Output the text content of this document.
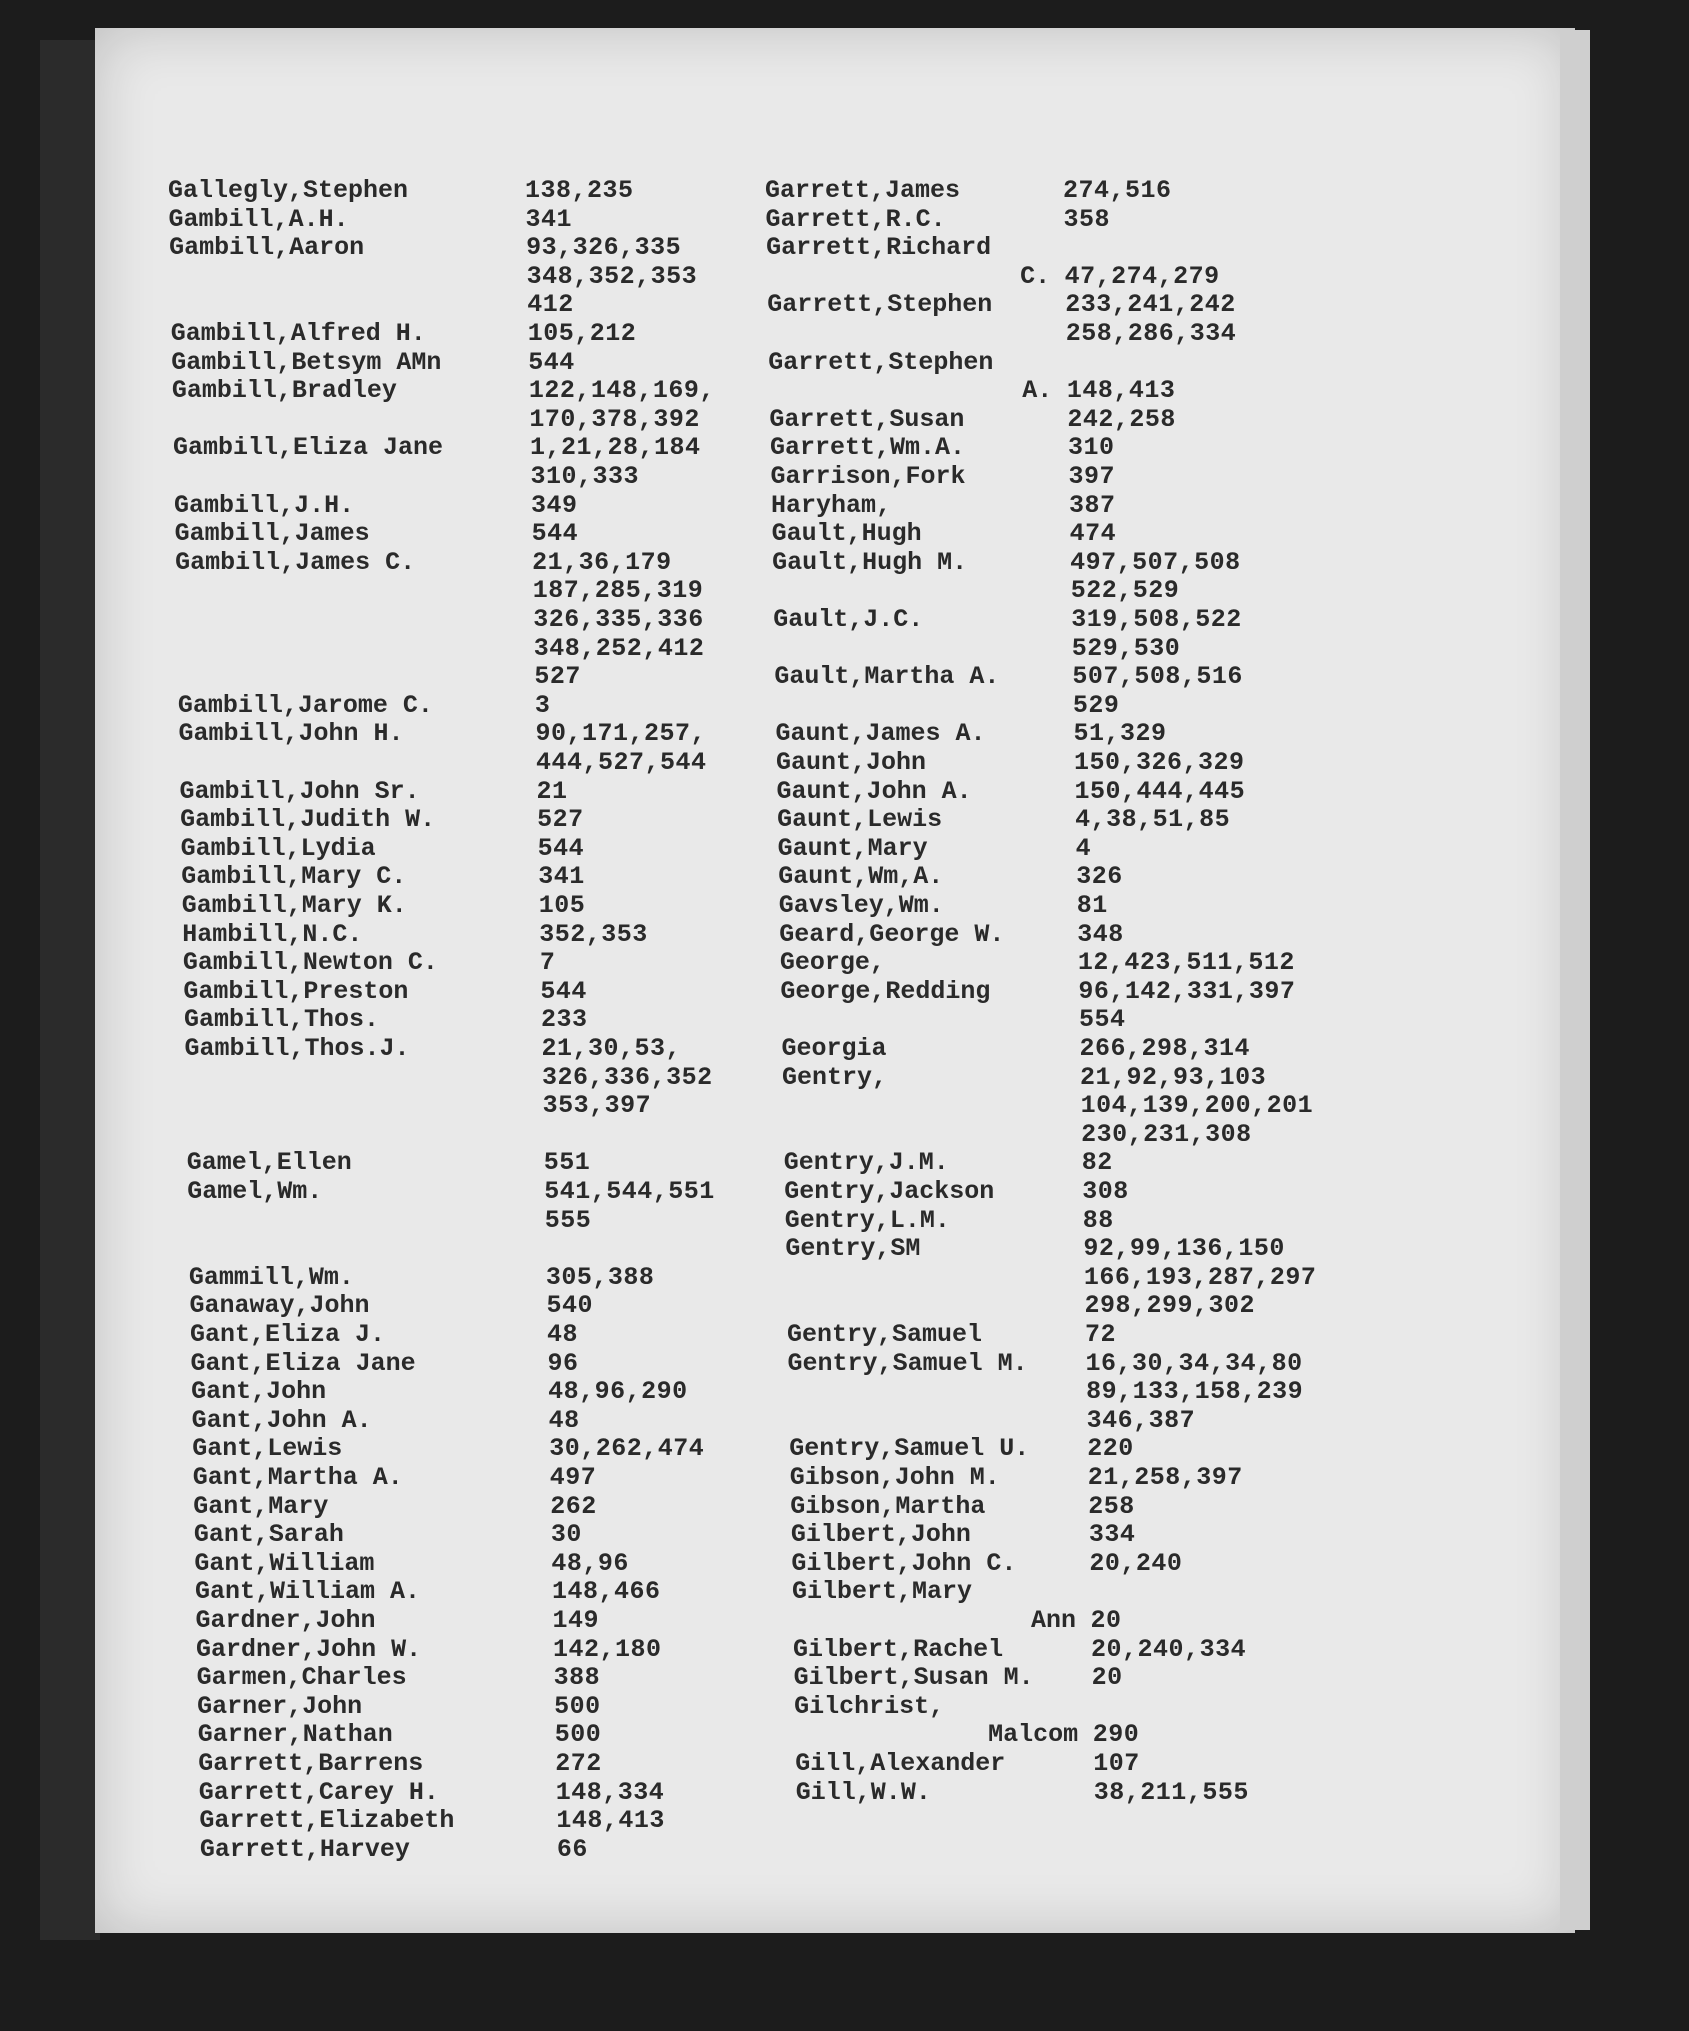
Gallegly,Stephen	138,235
Gambill,A.H.	341
Gambill,Aaron	93,326,335
348,352,353
412
Gambill,Alfred H.	105,212
Gambill,Betsym AMn	544
Gambill,Bradley	122,148,169,
170,378,392
Gambill,Eliza Jane	1,21,28,184
310,333
Gambill,J.H.	349
Gambill,James	544
Gambill,James C.	21,36,179
187,285,319
326,335,336
348,252,412
527
Gambill,Jarome C.	3
Gambill,John H.	90,171,257,
444,527,544
Gambill,John Sr.	21
Gambill,Judith W.	527
Gambill,Lydia	544
Gambill,Mary C.	341
Gambill,Mary K.	105
Hambill,N.C.	352,353
Gambill,Newton C.	7
Gambill,Preston	544
Gambill,Thos.	233
Gambill,Thos.J.	21,30,53,
326,336,352
353,397
Gamel,Ellen	551
Gamel,Wm.	541,544,551
555
Gammill,Wm.	305,388
Ganaway,John	540
Gant,Eliza J.	48
Gant,Eliza Jane	96
Gant,John	48,96,290
Gant,John A.	48
Gant,Lewis	30,262,474
Gant,Martha A.	497
Gant,Mary	262
Gant,Sarah	30
Gant,William	48,96
Gant,William A.	148,466
Gardner,John	149
Gardner,John W.	142,180
Garmen,Charles	388
Garner,John	500
Garner,Nathan	500
Garrett,Barrens	272
Garrett,Carey H.	148,334
Garrett,Elizabeth	148,413
Garrett,Harvey	66
Garrett,James	274,516
Garrett,R.C.	358
Garrett,Richard
C. 47,274,279
Garrett,Stephen	233,241,242
258,286,334
Garrett,Stephen
A. 148,413
Garrett,Susan	242,258
Garrett,Wm.A.	310
Garrison,Fork	397
Haryham,	387
Gault,Hugh	474
Gault,Hugh M.	497,507,508
522,529
Gault,J.C.	319,508,522
529,530
Gault,Martha A.	507,508,516
529
Gaunt,James A.	51,329
Gaunt,John	150,326,329
Gaunt,John A.	150,444,445
Gaunt,Lewis	4,38,51,85
Gaunt,Mary	4
Gaunt,Wm,A.	326
Gavsley,Wm.	81
Geard,George W.	348
George,	12,423,511,512
George,Redding	96,142,331,397
554
Georgia	266,298,314
Gentry,	21,92,93,103
104,139,200,201
230,231,308
Gentry,J.M.	82
Gentry,Jackson	308
Gentry,L.M.	88
Gentry,SM	92,99,136,150
166,193,287,297
298,299,302
Gentry,Samuel	72
Gentry,Samuel M. 16,30,34,34,80
89,133,158,239
346,387
Gentry,Samuel U. 220
Gibson,John M.	21,258,397
Gibson,Martha	258
Gilbert,John	334
Gilbert,John C.	20,240
Gilbert,Mary
Ann 20
Gilbert,Rachel	20,240,334
Gilbert,Susan M. 20
Gilchrist,
Malcom 290
Gill,Alexander	107
Gill,W.W.	38,211,555
